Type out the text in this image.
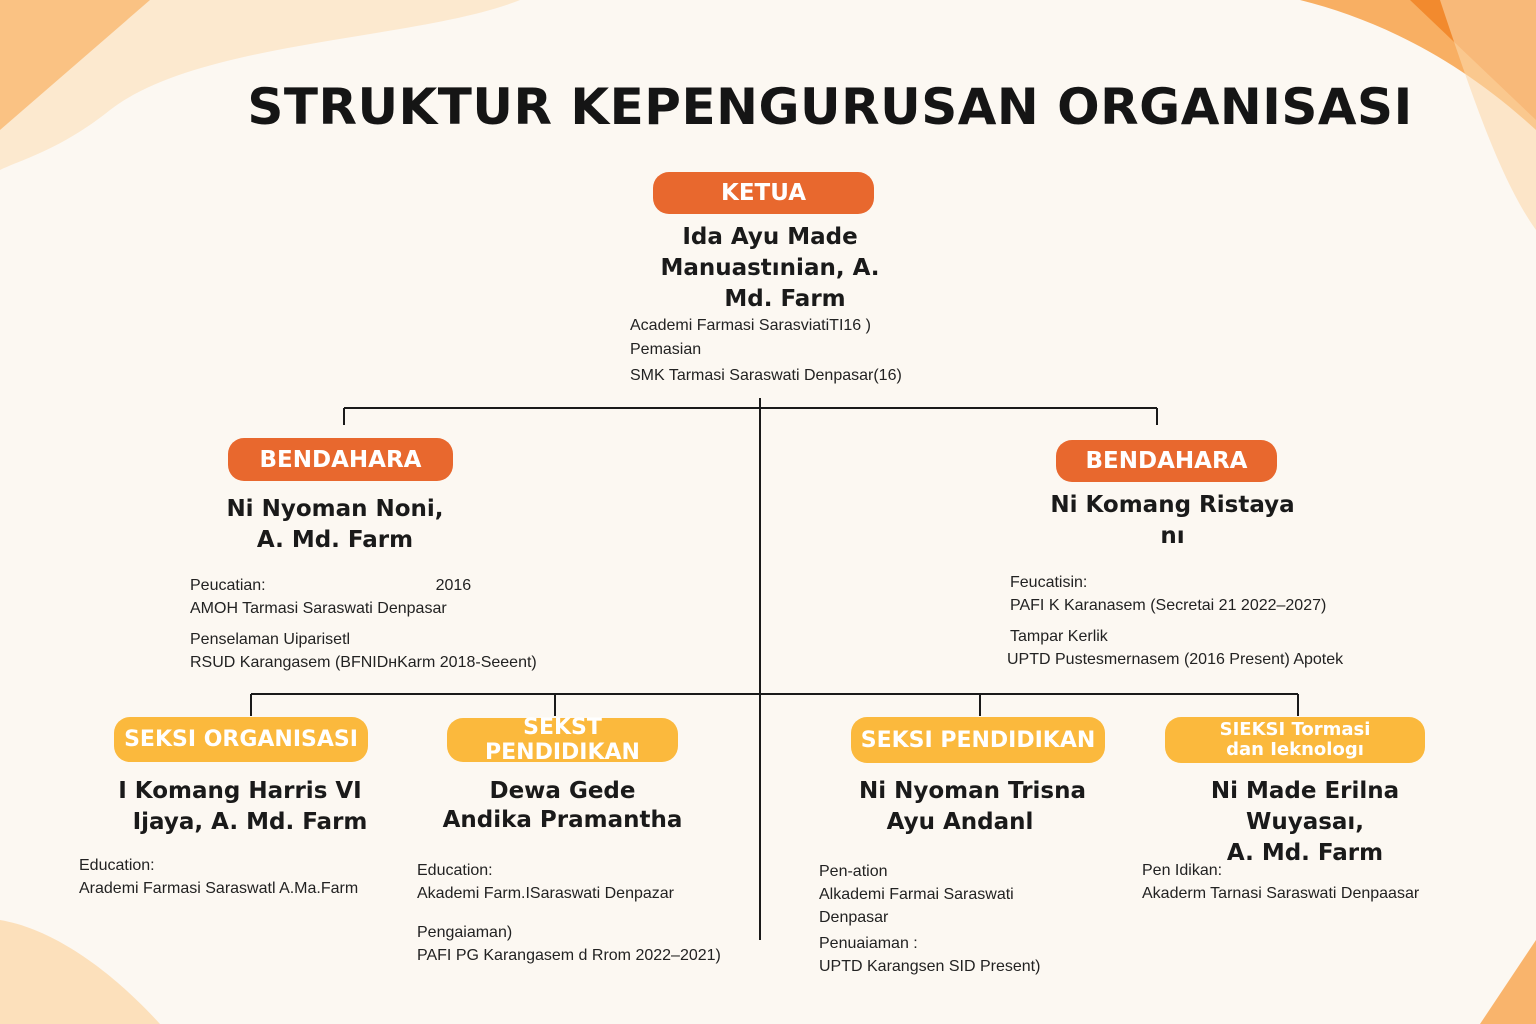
STRUKTUR KEPENGURUSAN ORGANISASI
KETUA
Ida Ayu Made
Manuastınian, A.
Md. Farm
Academi Farmasi SarasviatiTI16 )
Pemasian
SMK Tarmasi Saraswati Denpasar(16)
BENDAHARA
Ni Nyoman Noni,
A. Md. Farm
Peucatian:	2016
AMOH Tarmasi Saraswati Denpasar
Penselaman Uiparisetl
RSUD Karangasem (BFNIDнKarm 2018-Seeent)
BENDAHARA
Ni Komang Ristaya
nı
Feucatisin:
PAFI K Karanasem (Secretai 21 2022–2027)
Tampar Kerlik
UPTD Pustesmernasem (2016 Present) Apotek
SEKSI ORGANISASI
I Komang Harris VI
Ijaya, A. Md. Farm
Education:
Arademi Farmasi Saraswatl A.Ma.Farm
SEKST PENDIDIKAN
Dewa Gede
Andika Pramantha
Education:
Akademi Farm.ISaraswati Denpazar
Pengaiaman)
PAFI PG Karangasem d Rrom 2022–2021)
SEKSI PENDIDIKAN
Ni Nyoman Trisna
Ayu Andanl
Pen-ation
Alkademi Farmai Saraswati
Denpasar
Penuaiaman :
UPTD Karangsen SID Present)
SIEKSI Tormasi dan Ieknologı
Ni Made Erilna Wuyasaı,
A. Md. Farm
Pen Idikan:
Akaderm Tarnasi Saraswati Denpaasar
